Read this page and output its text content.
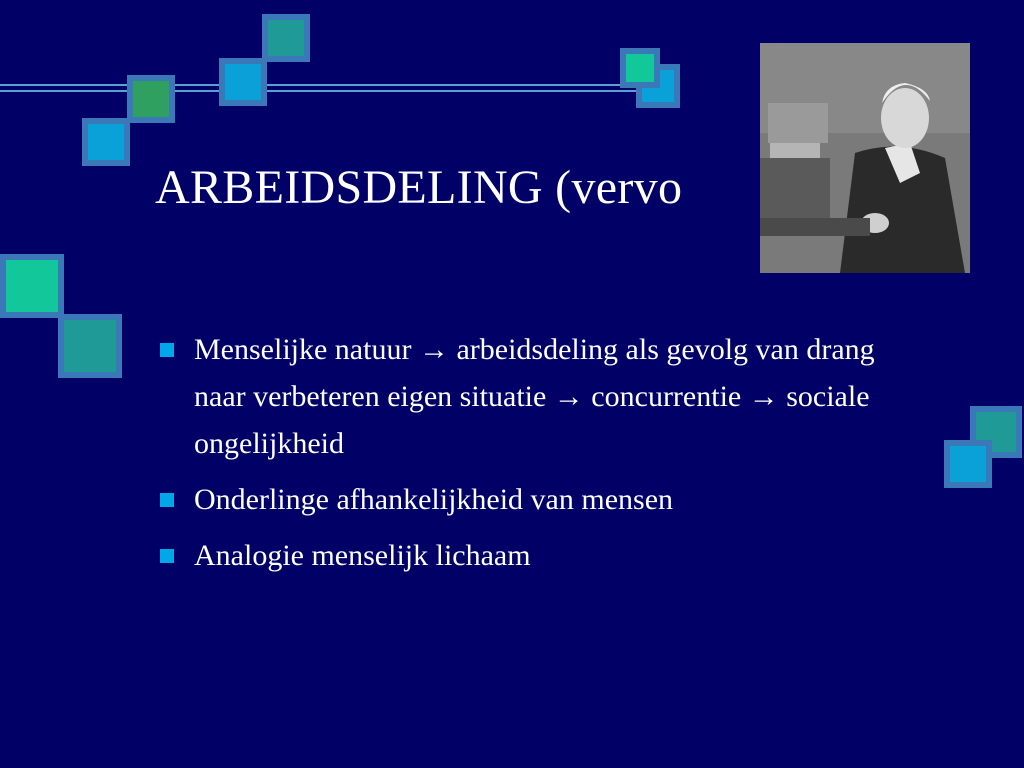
ARBEIDSDELING (vervo
Menselijke natuur → arbeidsdeling als gevolg van drang naar verbeteren eigen situatie → concurrentie → sociale ongelijkheid
Onderlinge afhankelijkheid van mensen
Analogie menselijk lichaam
